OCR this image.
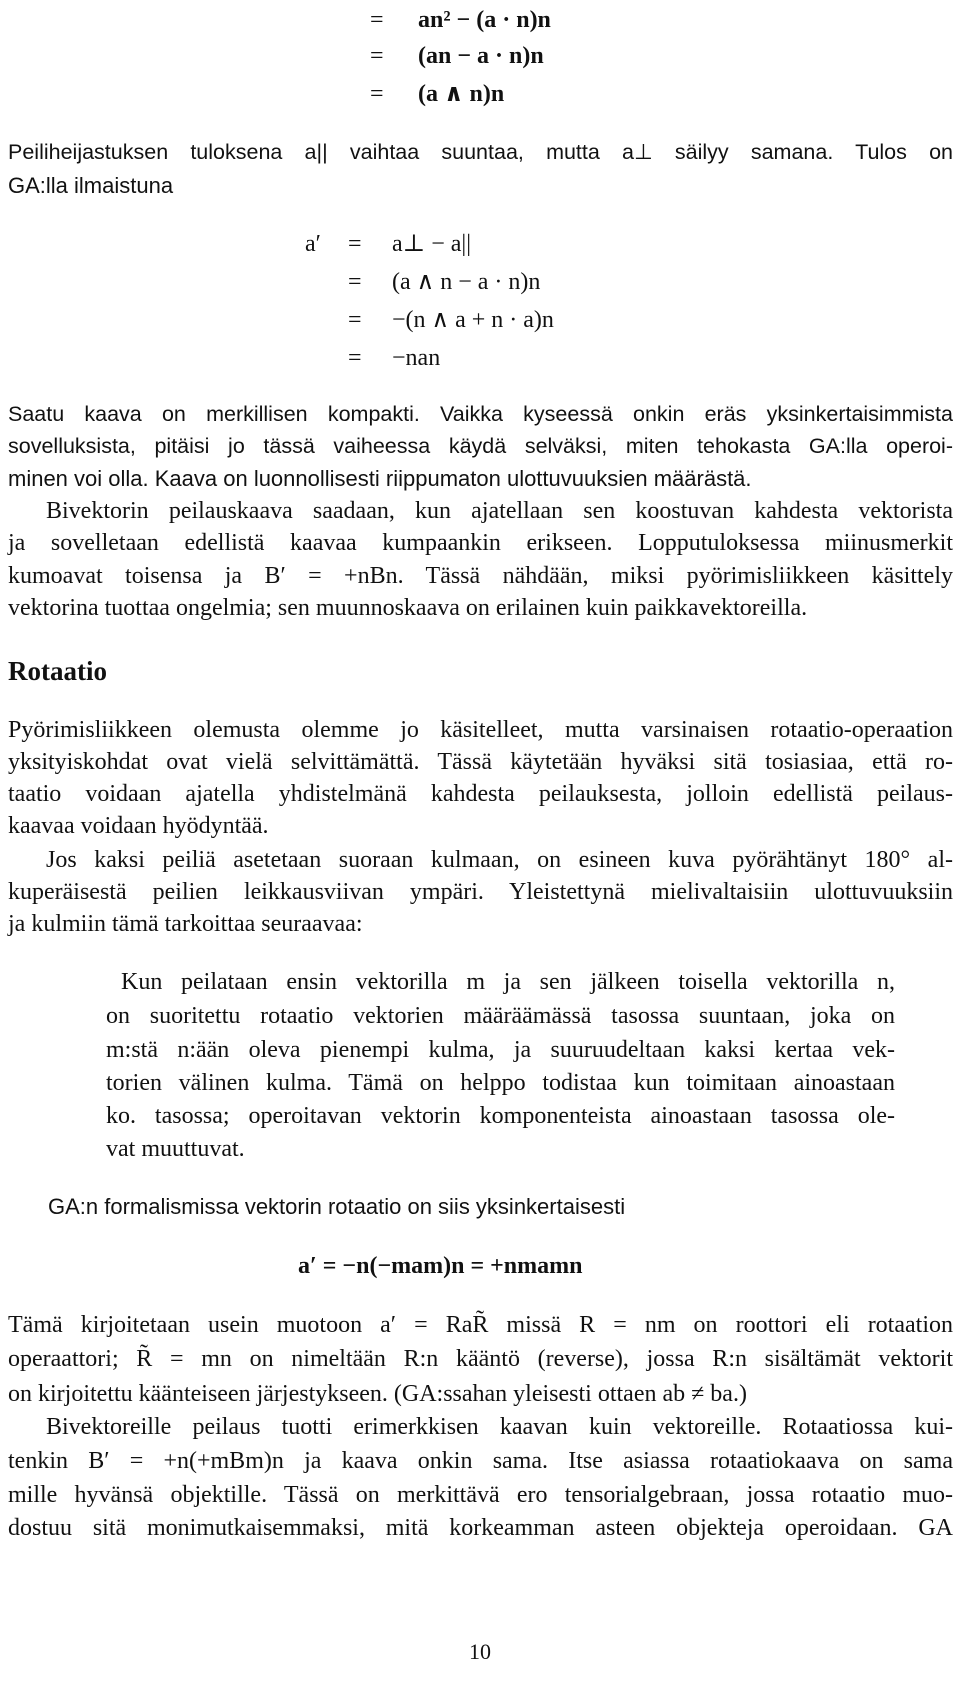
= an² − (a · n)n
= (an − a · n)n
= (a ∧ n)n
Peiliheijastuksen tuloksena a|| vaihtaa suuntaa, mutta a⊥ säilyy samana. Tulos on
GA:lla ilmaistuna
a′ = a⊥ − a||
= (a ∧ n − a · n)n
= −(n ∧ a + n · a)n
= −nan
Saatu kaava on merkillisen kompakti. Vaikka kyseessä onkin eräs yksinkertaisimmista
sovelluksista, pitäisi jo tässä vaiheessa käydä selväksi, miten tehokasta GA:lla operoi-
minen voi olla. Kaava on luonnollisesti riippumaton ulottuvuuksien määrästä.
Bivektorin peilauskaava saadaan, kun ajatellaan sen koostuvan kahdesta vektorista
ja sovelletaan edellistä kaavaa kumpaankin erikseen. Lopputuloksessa miinusmerkit
kumoavat toisensa ja B′ = +nBn. Tässä nähdään, miksi pyörimisliikkeen käsittely
vektorina tuottaa ongelmia; sen muunnoskaava on erilainen kuin paikkavektoreilla.
Rotaatio
Pyörimisliikkeen olemusta olemme jo käsitelleet, mutta varsinaisen rotaatio-operaation
yksityiskohdat ovat vielä selvittämättä. Tässä käytetään hyväksi sitä tosiasiaa, että ro-
taatio voidaan ajatella yhdistelmänä kahdesta peilauksesta, jolloin edellistä peilaus-
kaavaa voidaan hyödyntää.
Jos kaksi peiliä asetetaan suoraan kulmaan, on esineen kuva pyörähtänyt 180° al-
kuperäisestä peilien leikkausviivan ympäri. Yleistettynä mielivaltaisiin ulottuvuuksiin
ja kulmiin tämä tarkoittaa seuraavaa:
Kun peilataan ensin vektorilla m ja sen jälkeen toisella vektorilla n,
on suoritettu rotaatio vektorien määräämässä tasossa suuntaan, joka on
m:stä n:ään oleva pienempi kulma, ja suuruudeltaan kaksi kertaa vek-
torien välinen kulma. Tämä on helppo todistaa kun toimitaan ainoastaan
ko. tasossa; operoitavan vektorin komponenteista ainoastaan tasossa ole-
vat muuttuvat.
GA:n formalismissa vektorin rotaatio on siis yksinkertaisesti
a′ = −n(−mam)n = +nmamn
Tämä kirjoitetaan usein muotoon a′ = RaR̃ missä R = nm on roottori eli rotaation
operaattori; R̃ = mn on nimeltään R:n kääntö (reverse), jossa R:n sisältämät vektorit
on kirjoitettu käänteiseen järjestykseen. (GA:ssahan yleisesti ottaen ab ≠ ba.)
Bivektoreille peilaus tuotti erimerkkisen kaavan kuin vektoreille. Rotaatiossa kui-
tenkin B′ = +n(+mBm)n ja kaava onkin sama. Itse asiassa rotaatiokaava on sama
mille hyvänsä objektille. Tässä on merkittävä ero tensorialgebraan, jossa rotaatio muo-
dostuu sitä monimutkaisemmaksi, mitä korkeamman asteen objekteja operoidaan. GA
10
